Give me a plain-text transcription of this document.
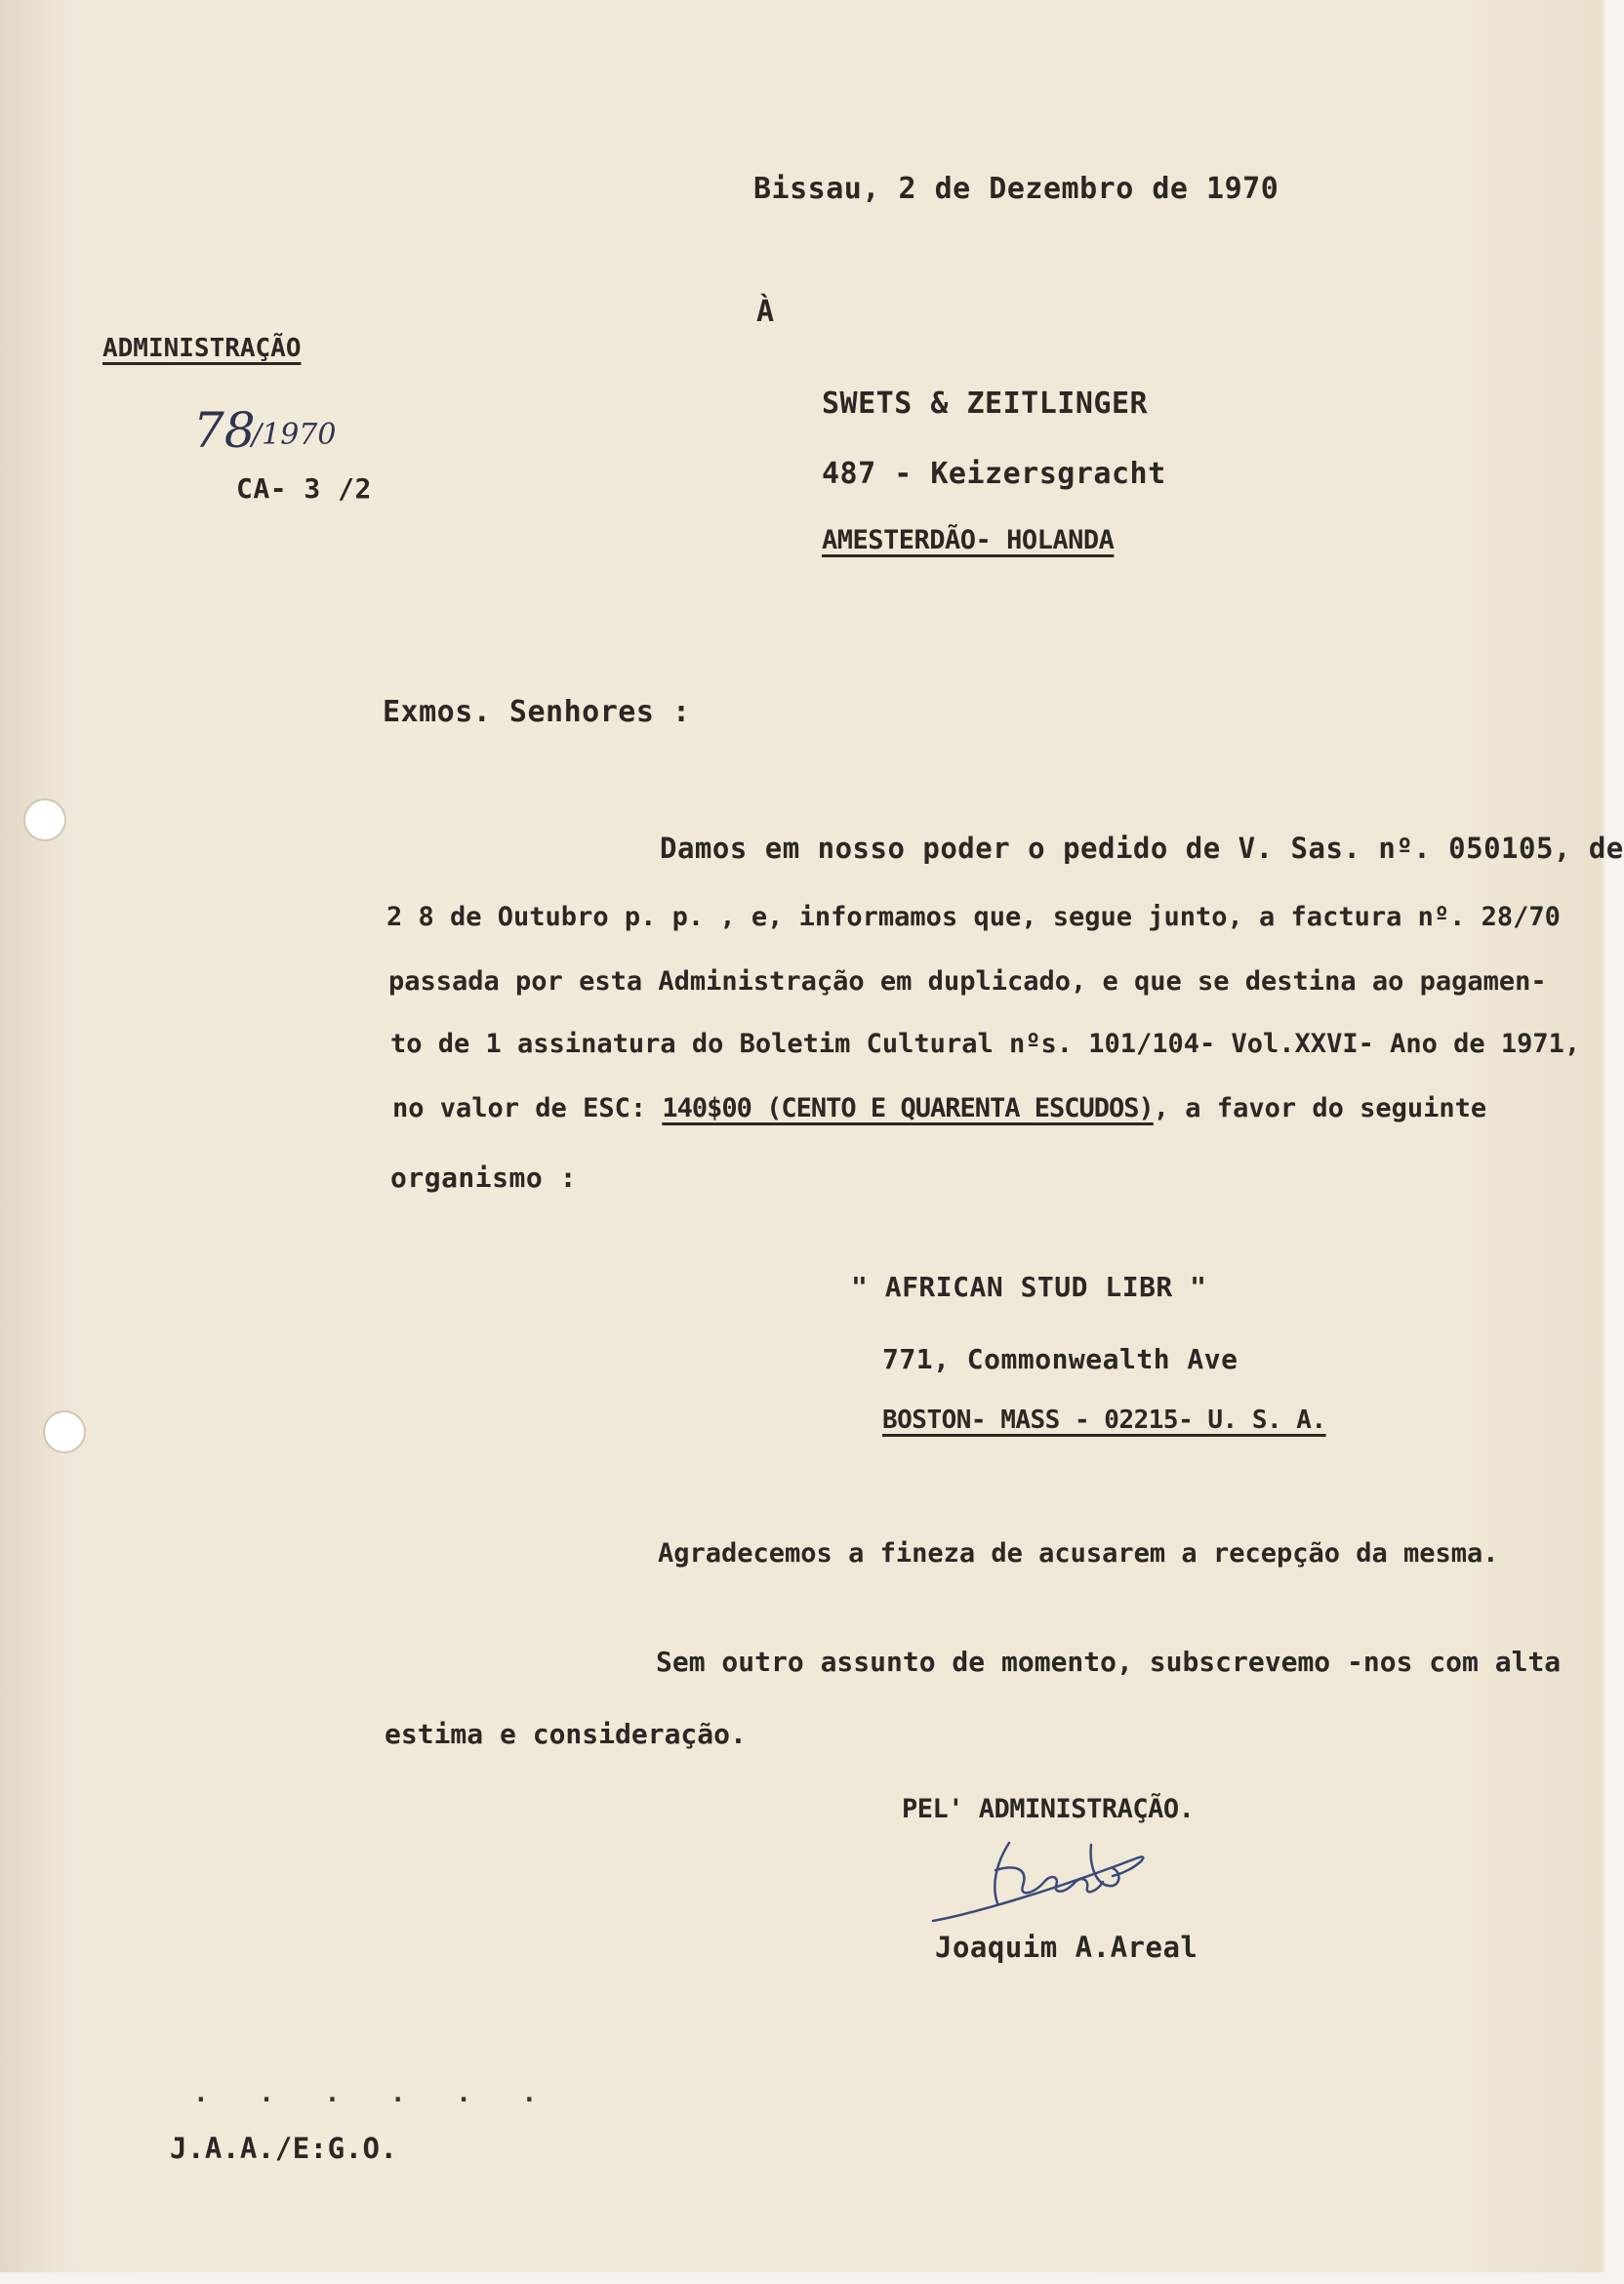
Bissau, 2 de Dezembro de 1970
À
ADMINISTRAÇÃO
78
/1970
CA- 3 /2
SWETS & ZEITLINGER
487 - Keizersgracht
AMESTERDÃO- HOLANDA
Exmos. Senhores :
Damos em nosso poder o pedido de V. Sas. nº. 050105, de
2 8 de Outubro p. p. , e, informamos que, segue junto, a factura nº. 28/70
passada por esta Administração em duplicado, e que se destina ao pagamen-
to de 1 assinatura do Boletim Cultural nºs. 101/104- Vol.XXVI- Ano de 1971,
no valor de ESC: 140$00 (CENTO E QUARENTA ESCUDOS), a favor do seguinte
organismo :
" AFRICAN STUD LIBR "
771, Commonwealth Ave
BOSTON- MASS - 02215- U. S. A.
Agradecemos a fineza de acusarem a recepção da mesma.
Sem outro assunto de momento, subscrevemo -nos com alta
estima e consideração.
PEL' ADMINISTRAÇÃO.
Joaquim A.Areal
. . . . . .
J.A.A./E:G.O.
